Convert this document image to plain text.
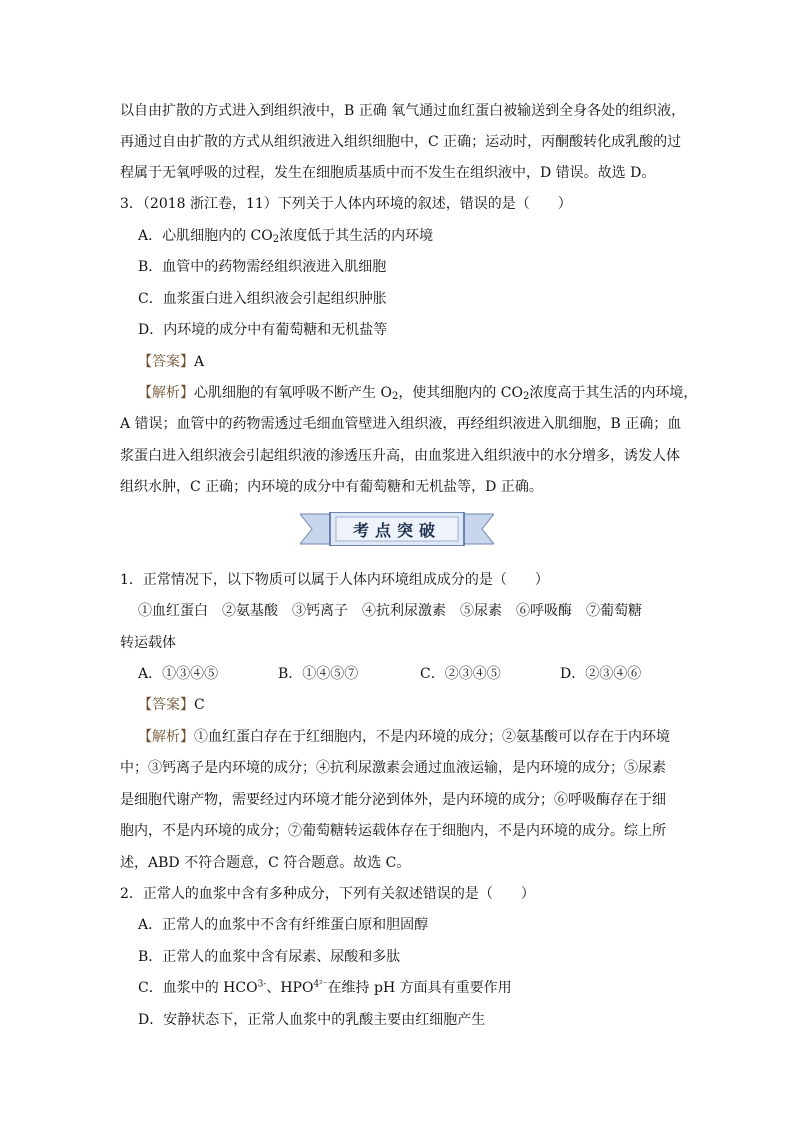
以自由扩散的方式进入到组织液中，B 正确 氧气通过血红蛋白被输送到全身各处的组织液，
再通过自由扩散的方式从组织液进入组织细胞中，C 正确；运动时，丙酮酸转化成乳酸的过
程属于无氧呼吸的过程，发生在细胞质基质中而不发生在组织液中，D 错误。故选 D。
3．（2018 浙江卷，11）下列关于人体内环境的叙述，错误的是（　　）
A．心肌细胞内的 $CO_2$浓度低于其生活的内环境
B．血管中的药物需经组织液进入肌细胞
C．血浆蛋白进入组织液会引起组织肿胀
D．内环境的成分中有葡萄糖和无机盐等
【答案】A
【解析】心肌细胞的有氧呼吸不断产生 $O_2$，使其细胞内的 $CO_2$浓度高于其生活的内环境，
A 错误；血管中的药物需透过毛细血管壁进入组织液，再经组织液进入肌细胞，B 正确；血
浆蛋白进入组织液会引起组织液的渗透压升高，由血浆进入组织液中的水分增多，诱发人体
组织水肿，C 正确；内环境的成分中有葡萄糖和无机盐等，D 正确。
考点突破
1．正常情况下，以下物质可以属于人体内环境组成成分的是（　　）
①血红蛋白　②氨基酸　③钙离子　④抗利尿激素　⑤尿素　⑥呼吸酶　⑦葡萄糖
转运载体
A．①③④⑤	B．①④⑤⑦	C．②③④⑤	D．②③④⑥
【答案】C
【解析】①血红蛋白存在于红细胞内，不是内环境的成分；②氨基酸可以存在于内环境
中；③钙离子是内环境的成分；④抗利尿激素会通过血液运输，是内环境的成分；⑤尿素
是细胞代谢产物，需要经过内环境才能分泌到体外，是内环境的成分；⑥呼吸酶存在于细
胞内，不是内环境的成分；⑦葡萄糖转运载体存在于细胞内，不是内环境的成分。综上所
述，ABD 不符合题意，C 符合题意。故选 C。
2．正常人的血浆中含有多种成分，下列有关叙述错误的是（　　）
A．正常人的血浆中不含有纤维蛋白原和胆固醇
B．正常人的血浆中含有尿素、尿酸和多肽
C．血浆中的 $HCO^{3-}$、$HPO^{4^{2-}}$在维持 pH 方面具有重要作用
D．安静状态下，正常人血浆中的乳酸主要由红细胞产生
